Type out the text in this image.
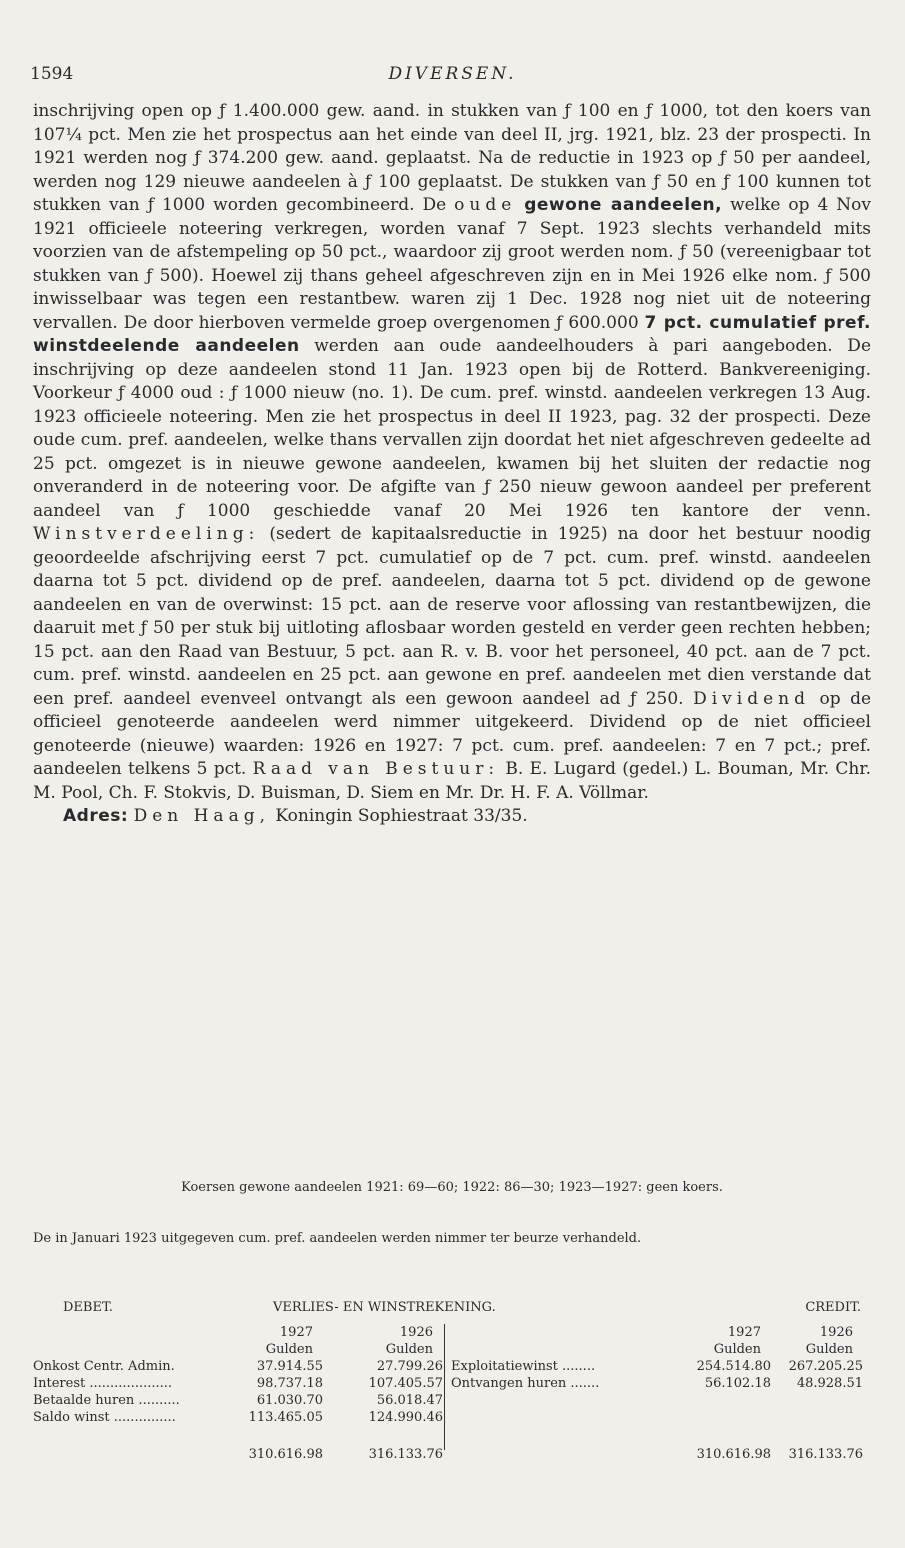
1594	DIVERSEN.

inschrijving open op ƒ 1.400.000 gew. aand. in stukken van ƒ 100 en ƒ 1000, tot den koers van 107¼ pct. Men zie het prospectus aan het einde van deel II, jrg. 1921, blz. 23 der prospecti. In 1921 werden nog ƒ 374.200 gew. aand. geplaatst. Na de reductie in 1923 op ƒ 50 per aandeel, werden nog 129 nieuwe aandeelen à ƒ 100 geplaatst. De stukken van ƒ 50 en ƒ 100 kunnen tot stukken van ƒ 1000 worden gecombineerd. De oude gewone aandeelen, welke op 4 Nov 1921 officieele noteering verkregen, worden vanaf 7 Sept. 1923 slechts verhandeld mits voorzien van de afstempeling op 50 pct., waardoor zij groot werden nom. ƒ 50 (vereenigbaar tot stukken van ƒ 500). Hoewel zij thans geheel afgeschreven zijn en in Mei 1926 elke nom. ƒ 500 inwisselbaar was tegen een restantbew. waren zij 1 Dec. 1928 nog niet uit de noteering vervallen. De door hierboven vermelde groep overgenomen ƒ 600.000 7 pct. cumulatief pref. winstdeelende aandeelen werden aan oude aandeelhouders à pari aangeboden. De inschrijving op deze aandeelen stond 11 Jan. 1923 open bij de Rotterd. Bankvereeniging. Voorkeur ƒ 4000 oud : ƒ 1000 nieuw (no. 1). De cum. pref. winstd. aandeelen verkregen 13 Aug. 1923 officieele noteering. Men zie het prospectus in deel II 1923, pag. 32 der prospecti. Deze oude cum. pref. aandeelen, welke thans vervallen zijn doordat het niet afgeschreven gedeelte ad 25 pct. omgezet is in nieuwe gewone aandeelen, kwamen bij het sluiten der redactie nog onveranderd in de noteering voor. De afgifte van ƒ 250 nieuw gewoon aandeel per preferent aandeel van ƒ 1000 geschiedde vanaf 20 Mei 1926 ten kantore der venn. Winstverdeeling: (sedert de kapitaalsreductie in 1925) na door het bestuur noodig geoordeelde afschrijving eerst 7 pct. cumulatief op de 7 pct. cum. pref. winstd. aandeelen daarna tot 5 pct. dividend op de pref. aandeelen, daarna tot 5 pct. dividend op de gewone aandeelen en van de overwinst: 15 pct. aan de reserve voor aflossing van restantbewijzen, die daaruit met ƒ 50 per stuk bij uitloting aflosbaar worden gesteld en verder geen rechten hebben; 15 pct. aan den Raad van Bestuur, 5 pct. aan R. v. B. voor het personeel, 40 pct. aan de 7 pct. cum. pref. winstd. aandeelen en 25 pct. aan gewone en pref. aandeelen met dien verstande dat een pref. aandeel evenveel ontvangt als een gewoon aandeel ad ƒ 250. Dividend op de officieel genoteerde aandeelen werd nimmer uitgekeerd. Dividend op de niet officieel genoteerde (nieuwe) waarden: 1926 en 1927: 7 pct. cum. pref. aandeelen: 7 en 7 pct.; pref. aandeelen telkens 5 pct. Raad van Bestuur: B. E. Lugard (gedel.) L. Bouman, Mr. Chr. M. Pool, Ch. F. Stokvis, D. Buisman, D. Siem en Mr. Dr. H. F. A. Völlmar.

Adres: Den Haag, Koningin Sophiestraat 33/35.

Koersen gewone aandeelen 1921: 69—60; 1922: 86—30; 1923—1927: geen koers.
De in Januari 1923 uitgegeven cum. pref. aandeelen werden nimmer ter beurze verhandeld.
DEBET.	VERLIES- EN WINSTREKENING.	CREDIT.
1927	1926
Gulden	Gulden
Onkost Centr. Admin.	37.914.55	27.799.26
Interest ....................	98.737.18	107.405.57
Betaalde huren ..........	61.030.70	56.018.47
Saldo winst ...............	113.465.05	124.990.46
310.616.98	316.133.76
1927	1926
Gulden	Gulden
Exploitatiewinst ........	254.514.80 267.205.25
Ontvangen huren .......	56.102.18 48.928.51
310.616.98 316.133.76
